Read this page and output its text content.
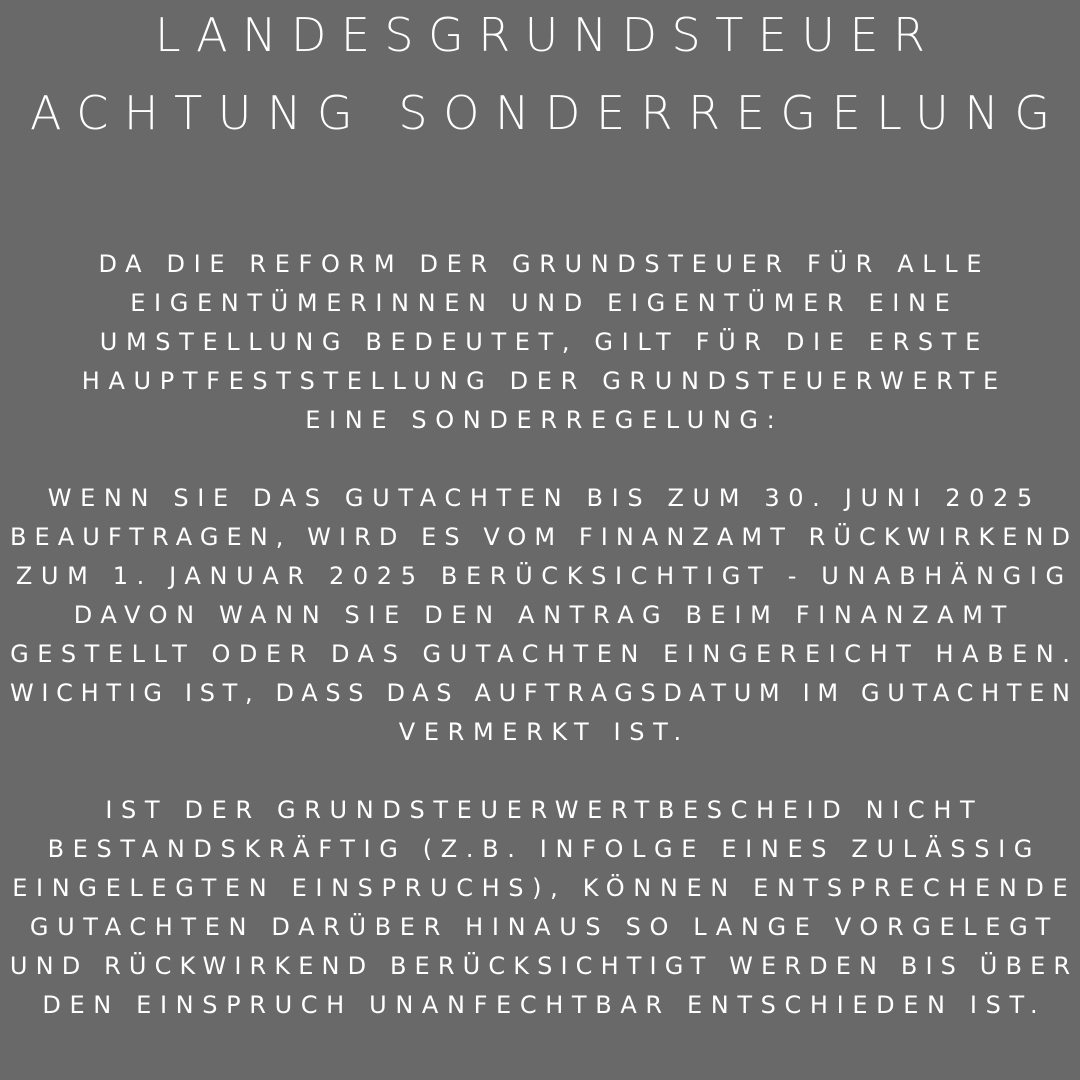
LANDESGRUNDSTEUER
ACHTUNG SONDERREGELUNG
DA DIE REFORM DER GRUNDSTEUER FÜR ALLE
EIGENTÜMERINNEN UND EIGENTÜMER EINE
UMSTELLUNG BEDEUTET, GILT FÜR DIE ERSTE
HAUPTFESTSTELLUNG DER GRUNDSTEUERWERTE
EINE SONDERREGELUNG:
WENN SIE DAS GUTACHTEN BIS ZUM 30. JUNI 2025
BEAUFTRAGEN, WIRD ES VOM FINANZAMT RÜCKWIRKEND
ZUM 1. JANUAR 2025 BERÜCKSICHTIGT - UNABHÄNGIG
DAVON WANN SIE DEN ANTRAG BEIM FINANZAMT
GESTELLT ODER DAS GUTACHTEN EINGEREICHT HABEN.
WICHTIG IST, DASS DAS AUFTRAGSDATUM IM GUTACHTEN
VERMERKT IST.
IST DER GRUNDSTEUERWERTBESCHEID NICHT
BESTANDSKRÄFTIG (Z.B. INFOLGE EINES ZULÄSSIG
EINGELEGTEN EINSPRUCHS), KÖNNEN ENTSPRECHENDE
GUTACHTEN DARÜBER HINAUS SO LANGE VORGELEGT
UND RÜCKWIRKEND BERÜCKSICHTIGT WERDEN BIS ÜBER
DEN EINSPRUCH UNANFECHTBAR ENTSCHIEDEN IST.
